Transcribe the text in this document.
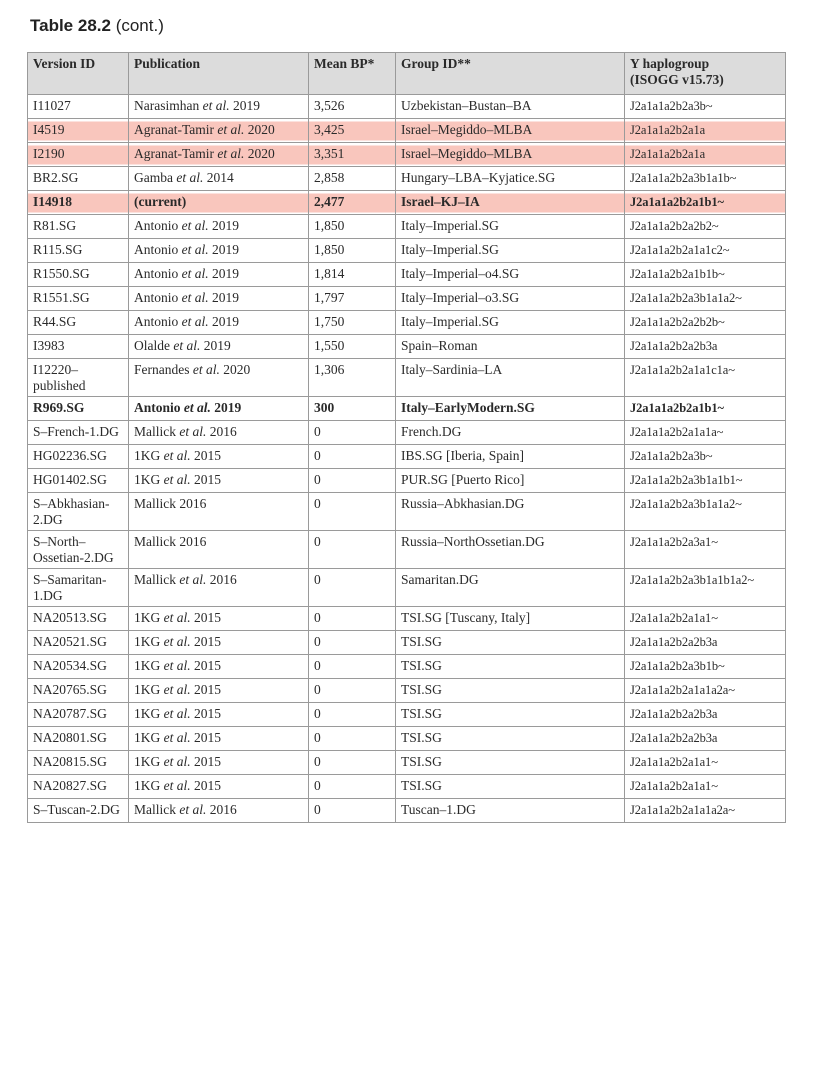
Table 28.2 (cont.)
Version ID	Publication	Mean BP*	Group ID**	Y haplogroup
(ISOGG v15.73)
I11027	Narasimhan et al. 2019	3,526	Uzbekistan–Bustan–BA	J2a1a1a2b2a3b~
I4519	Agranat-Tamir et al. 2020	3,425	Israel–Megiddo–MLBA	J2a1a1a2b2a1a
I2190	Agranat-Tamir et al. 2020	3,351	Israel–Megiddo–MLBA	J2a1a1a2b2a1a
BR2.SG	Gamba et al. 2014	2,858	Hungary–LBA–Kyjatice.SG	J2a1a1a2b2a3b1a1b~
I14918	(current)	2,477	Israel–KJ–IA	J2a1a1a2b2a1b1~
R81.SG	Antonio et al. 2019	1,850	Italy–Imperial.SG	J2a1a1a2b2a2b2~
R115.SG	Antonio et al. 2019	1,850	Italy–Imperial.SG	J2a1a1a2b2a1a1c2~
R1550.SG	Antonio et al. 2019	1,814	Italy–Imperial–o4.SG	J2a1a1a2b2a1b1b~
R1551.SG	Antonio et al. 2019	1,797	Italy–Imperial–o3.SG	J2a1a1a2b2a3b1a1a2~
R44.SG	Antonio et al. 2019	1,750	Italy–Imperial.SG	J2a1a1a2b2a2b2b~
I3983	Olalde et al. 2019	1,550	Spain–Roman	J2a1a1a2b2a2b3a
I12220–published	Fernandes et al. 2020	1,306	Italy–Sardinia–LA	J2a1a1a2b2a1a1c1a~
R969.SG	Antonio et al. 2019	300	Italy–EarlyModern.SG	J2a1a1a2b2a1b1~
S–French-1.DG	Mallick et al. 2016	0	French.DG	J2a1a1a2b2a1a1a~
HG02236.SG	1KG et al. 2015	0	IBS.SG [Iberia, Spain]	J2a1a1a2b2a3b~
HG01402.SG	1KG et al. 2015	0	PUR.SG [Puerto Rico]	J2a1a1a2b2a3b1a1b1~
S–Abkhasian-2.DG	Mallick 2016	0	Russia–Abkhasian.DG	J2a1a1a2b2a3b1a1a2~
S–North–Ossetian-2.DG	Mallick 2016	0	Russia–NorthOssetian.DG	J2a1a1a2b2a3a1~
S–Samaritan-1.DG	Mallick et al. 2016	0	Samaritan.DG	J2a1a1a2b2a3b1a1b1a2~
NA20513.SG	1KG et al. 2015	0	TSI.SG [Tuscany, Italy]	J2a1a1a2b2a1a1~
NA20521.SG	1KG et al. 2015	0	TSI.SG	J2a1a1a2b2a2b3a
NA20534.SG	1KG et al. 2015	0	TSI.SG	J2a1a1a2b2a3b1b~
NA20765.SG	1KG et al. 2015	0	TSI.SG	J2a1a1a2b2a1a1a2a~
NA20787.SG	1KG et al. 2015	0	TSI.SG	J2a1a1a2b2a2b3a
NA20801.SG	1KG et al. 2015	0	TSI.SG	J2a1a1a2b2a2b3a
NA20815.SG	1KG et al. 2015	0	TSI.SG	J2a1a1a2b2a1a1~
NA20827.SG	1KG et al. 2015	0	TSI.SG	J2a1a1a2b2a1a1~
S–Tuscan-2.DG	Mallick et al. 2016	0	Tuscan–1.DG	J2a1a1a2b2a1a1a2a~
